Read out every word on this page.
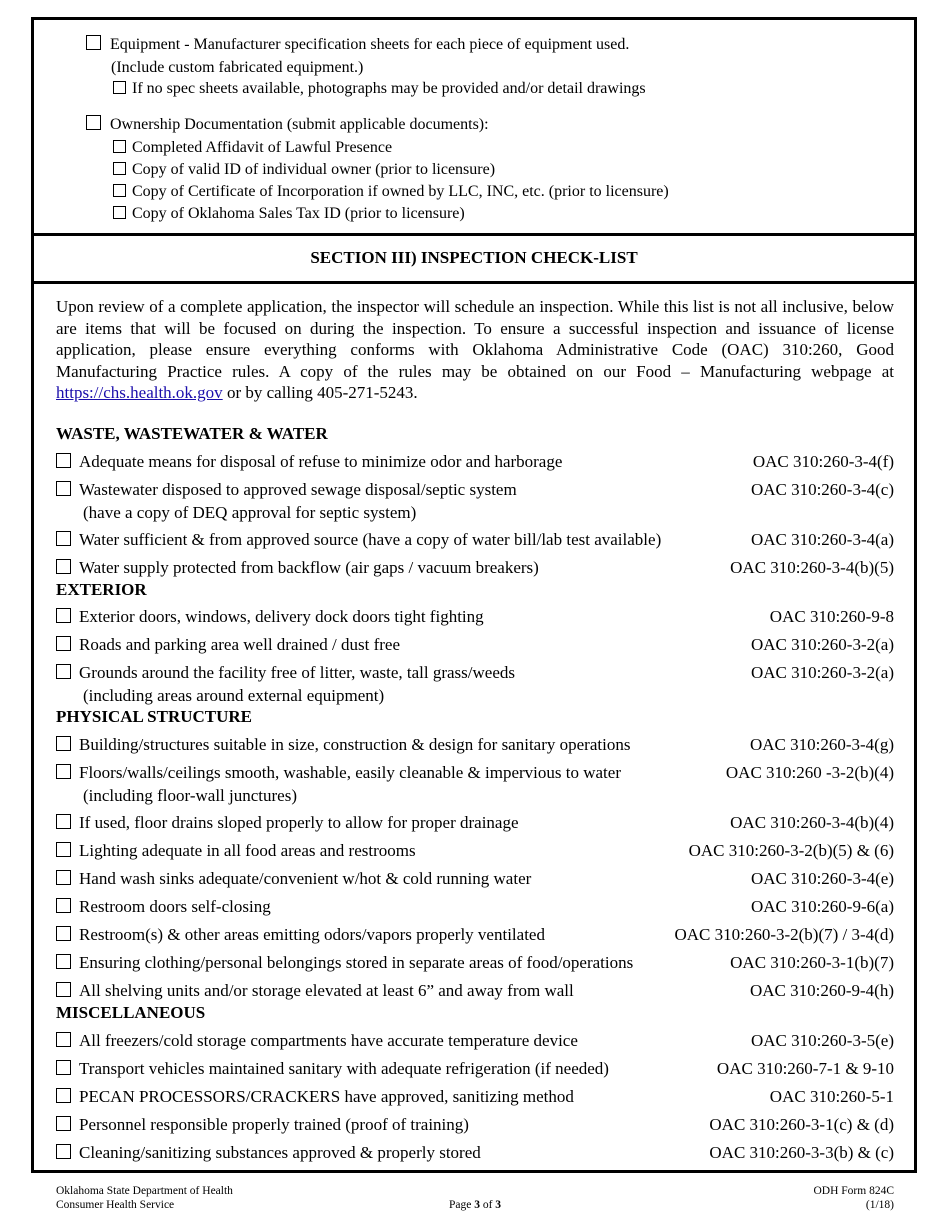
Equipment - Manufacturer specification sheets for each piece of equipment used.
(Include custom fabricated equipment.)
If no spec sheets available, photographs may be provided and/or detail drawings
Ownership Documentation (submit applicable documents):
Completed Affidavit of Lawful Presence
Copy of valid ID of individual owner (prior to licensure)
Copy of Certificate of Incorporation if owned by LLC, INC, etc. (prior to licensure)
Copy of Oklahoma Sales Tax ID (prior to licensure)
SECTION III) INSPECTION CHECK-LIST
Upon review of a complete application, the inspector will schedule an inspection. While this list is not all inclusive, below are items that will be focused on during the inspection. To ensure a successful inspection and issuance of license application, please ensure everything conforms with Oklahoma Administrative Code (OAC) 310:260, Good Manufacturing Practice rules. A copy of the rules may be obtained on our Food – Manufacturing webpage at https://chs.health.ok.gov or by calling 405-271-5243.
WASTE, WASTEWATER & WATER
EXTERIOR
PHYSICAL STRUCTURE
MISCELLANEOUS
Adequate means for disposal of refuse to minimize odor and harborage	OAC 310:260-3-4(f)
Wastewater disposed to approved sewage disposal/septic system	OAC 310:260-3-4(c)
(have a copy of DEQ approval for septic system)
Water sufficient & from approved source (have a copy of water bill/lab test available)	OAC 310:260-3-4(a)
Water supply protected from backflow (air gaps / vacuum breakers)	OAC 310:260-3-4(b)(5)
Exterior doors, windows, delivery dock doors tight fighting	OAC 310:260-9-8
Roads and parking area well drained / dust free	OAC 310:260-3-2(a)
Grounds around the facility free of litter, waste, tall grass/weeds	OAC 310:260-3-2(a)
(including areas around external equipment)
Building/structures suitable in size, construction & design for sanitary operations	OAC 310:260-3-4(g)
Floors/walls/ceilings smooth, washable, easily cleanable & impervious to water	OAC 310:260 -3-2(b)(4)
(including floor-wall junctures)
If used, floor drains sloped properly to allow for proper drainage	OAC 310:260-3-4(b)(4)
Lighting adequate in all food areas and restrooms	OAC 310:260-3-2(b)(5) & (6)
Hand wash sinks adequate/convenient w/hot & cold running water	OAC 310:260-3-4(e)
Restroom doors self-closing	OAC 310:260-9-6(a)
Restroom(s) & other areas emitting odors/vapors properly ventilated	OAC 310:260-3-2(b)(7) / 3-4(d)
Ensuring clothing/personal belongings stored in separate areas of food/operations	OAC 310:260-3-1(b)(7)
All shelving units and/or storage elevated at least 6” and away from wall	OAC 310:260-9-4(h)
All freezers/cold storage compartments have accurate temperature device	OAC 310:260-3-5(e)
Transport vehicles maintained sanitary with adequate refrigeration (if needed)	OAC 310:260-7-1 & 9-10
PECAN PROCESSORS/CRACKERS have approved, sanitizing method	OAC 310:260-5-1
Personnel responsible properly trained (proof of training)	OAC 310:260-3-1(c) & (d)
Cleaning/sanitizing substances approved & properly stored	OAC 310:260-3-3(b) & (c)
Oklahoma State Department of Health
Consumer Health Service	Page 3 of 3
ODH Form 824C
(1/18)
